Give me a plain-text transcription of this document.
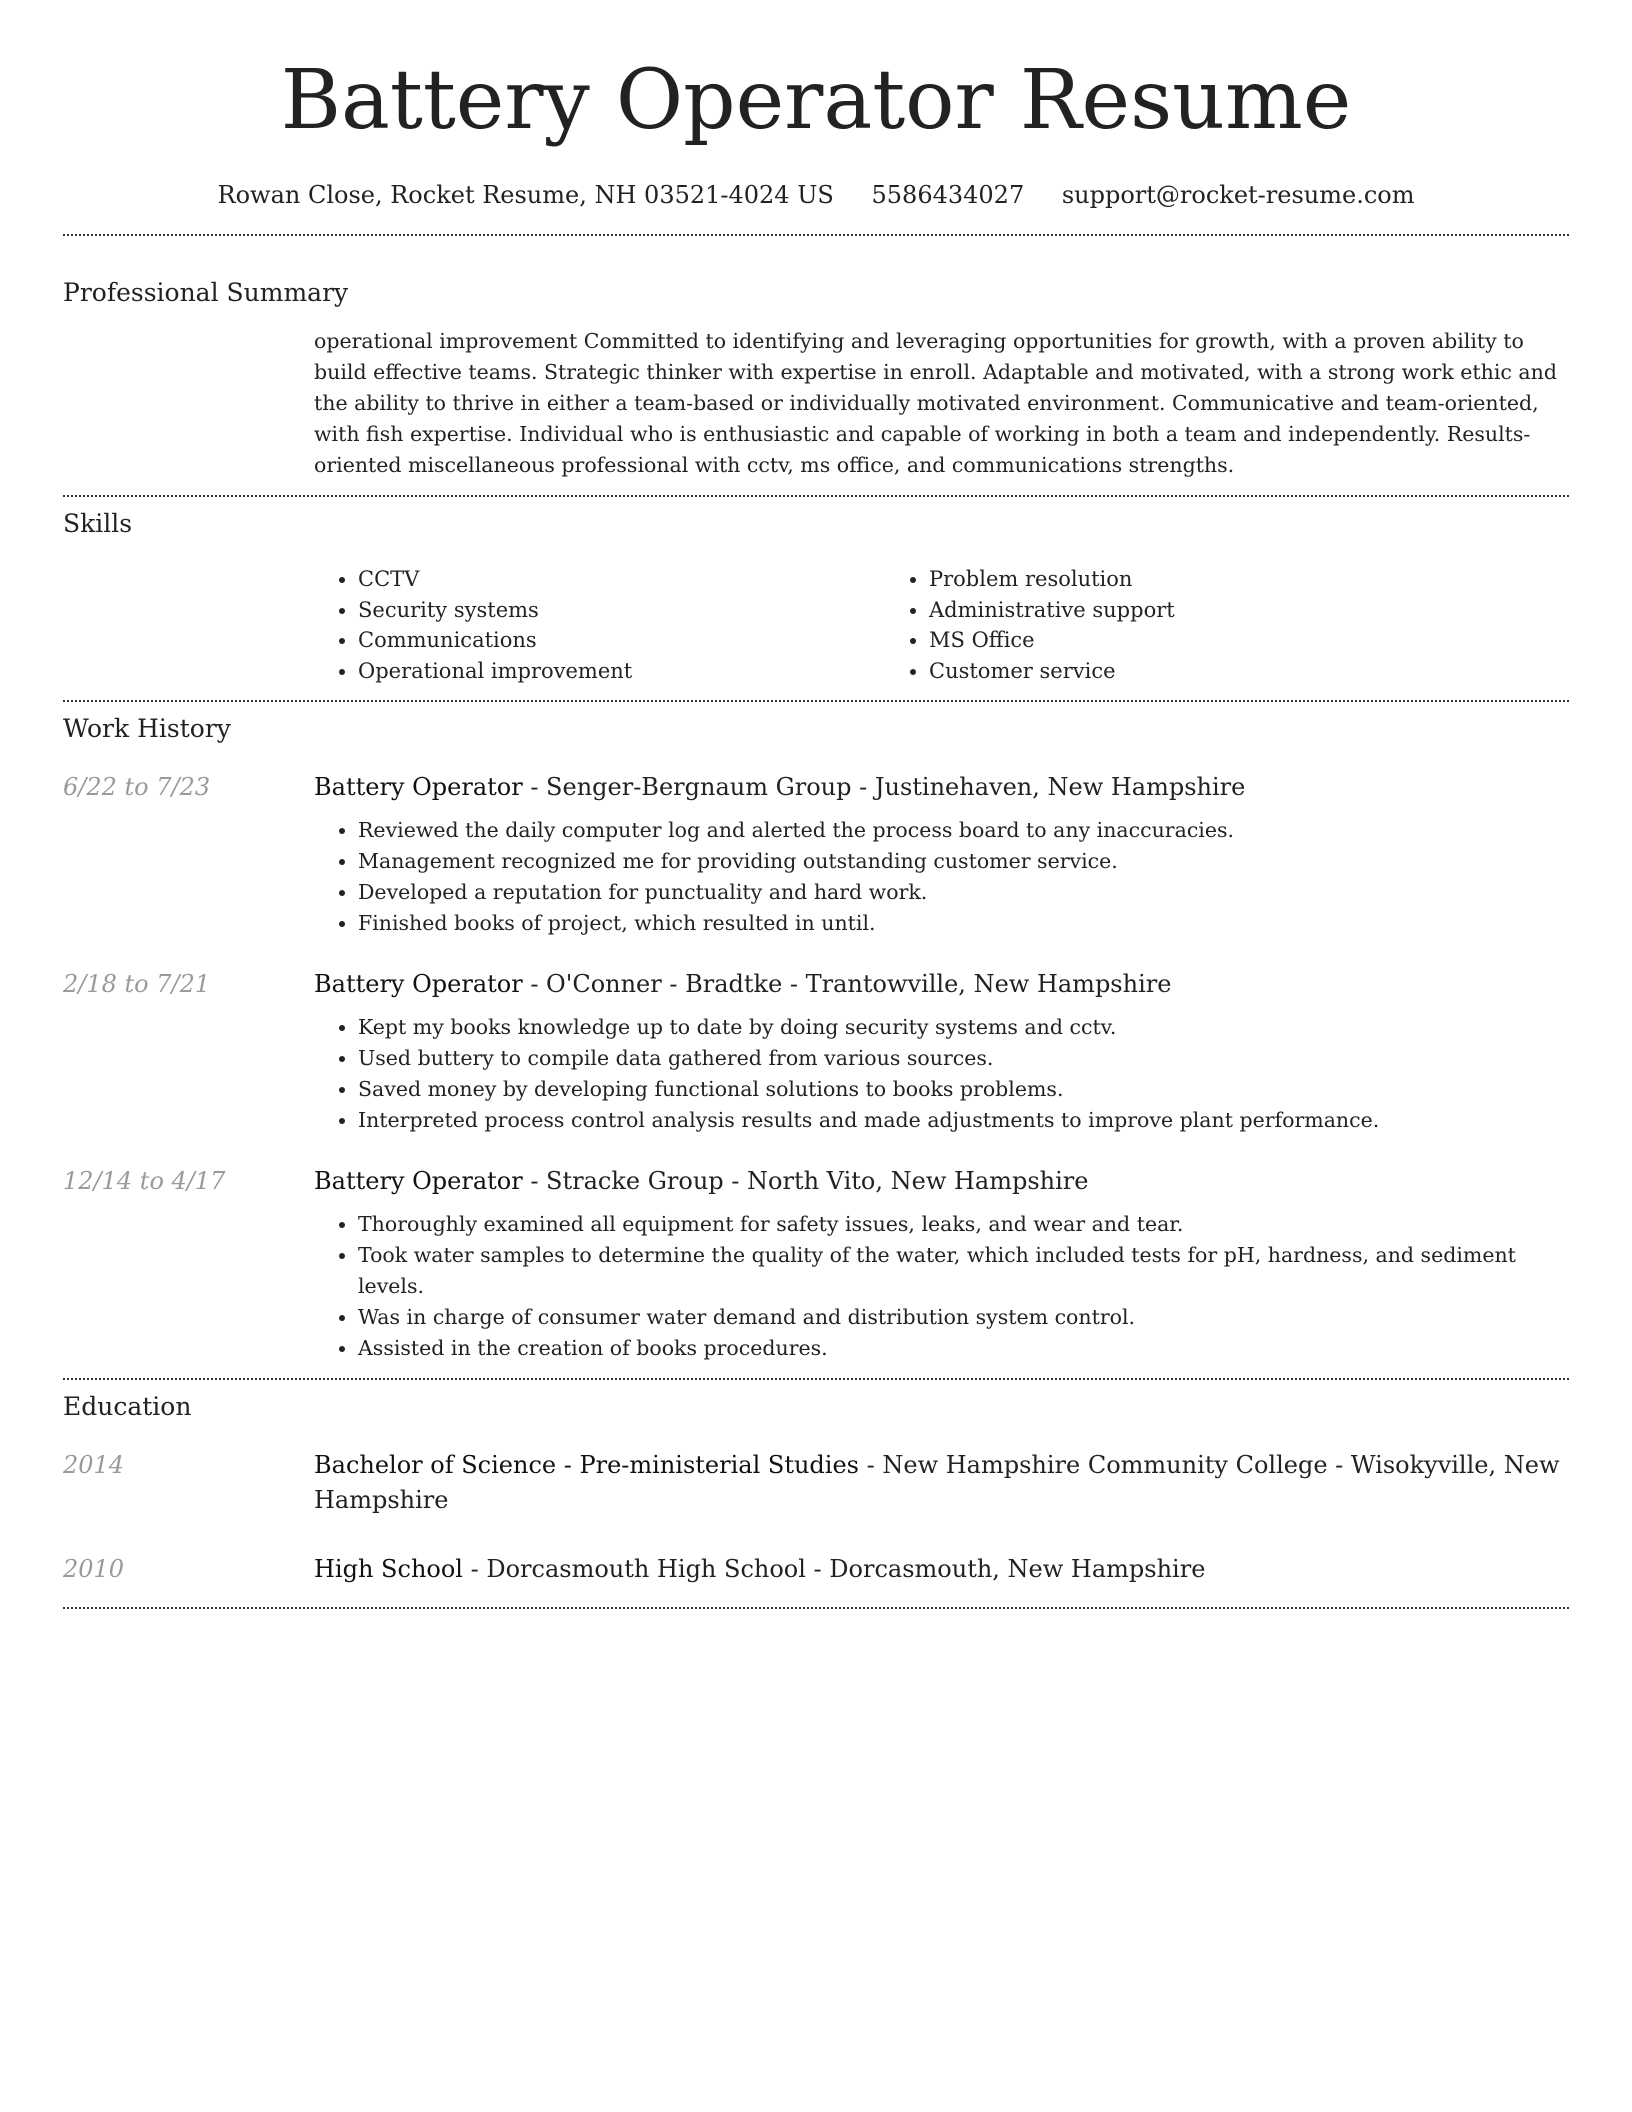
Battery Operator Resume
Rowan Close, Rocket Resume, NH 03521-4024 US 5586434027 support@rocket-resume.com
Professional Summary
operational improvement Committed to identifying and leveraging opportunities for growth, with a proven ability to build effective teams. Strategic thinker with expertise in enroll. Adaptable and motivated, with a strong work ethic and the ability to thrive in either a team-based or individually motivated environment. Communicative and team-oriented, with fish expertise. Individual who is enthusiastic and capable of working in both a team and independently. Results-oriented miscellaneous professional with cctv, ms office, and communications strengths.
Skills
• CCTV
• Security systems
• Communications
• Operational improvement
• Problem resolution
• Administrative support
• MS Office
• Customer service
Work History
6/22 to 7/23	Battery Operator - Senger-Bergnaum Group - Justinehaven, New Hampshire
• Reviewed the daily computer log and alerted the process board to any inaccuracies.
• Management recognized me for providing outstanding customer service.
• Developed a reputation for punctuality and hard work.
• Finished books of project, which resulted in until.
2/18 to 7/21	Battery Operator - O'Conner - Bradtke - Trantowville, New Hampshire
• Kept my books knowledge up to date by doing security systems and cctv.
• Used buttery to compile data gathered from various sources.
• Saved money by developing functional solutions to books problems.
• Interpreted process control analysis results and made adjustments to improve plant performance.
12/14 to 4/17	Battery Operator - Stracke Group - North Vito, New Hampshire
• Thoroughly examined all equipment for safety issues, leaks, and wear and tear.
• Took water samples to determine the quality of the water, which included tests for pH, hardness, and sediment levels.
• Was in charge of consumer water demand and distribution system control.
• Assisted in the creation of books procedures.
Education
2014	Bachelor of Science - Pre-ministerial Studies - New Hampshire Community College - Wisokyville, New Hampshire
2010	High School - Dorcasmouth High School - Dorcasmouth, New Hampshire
